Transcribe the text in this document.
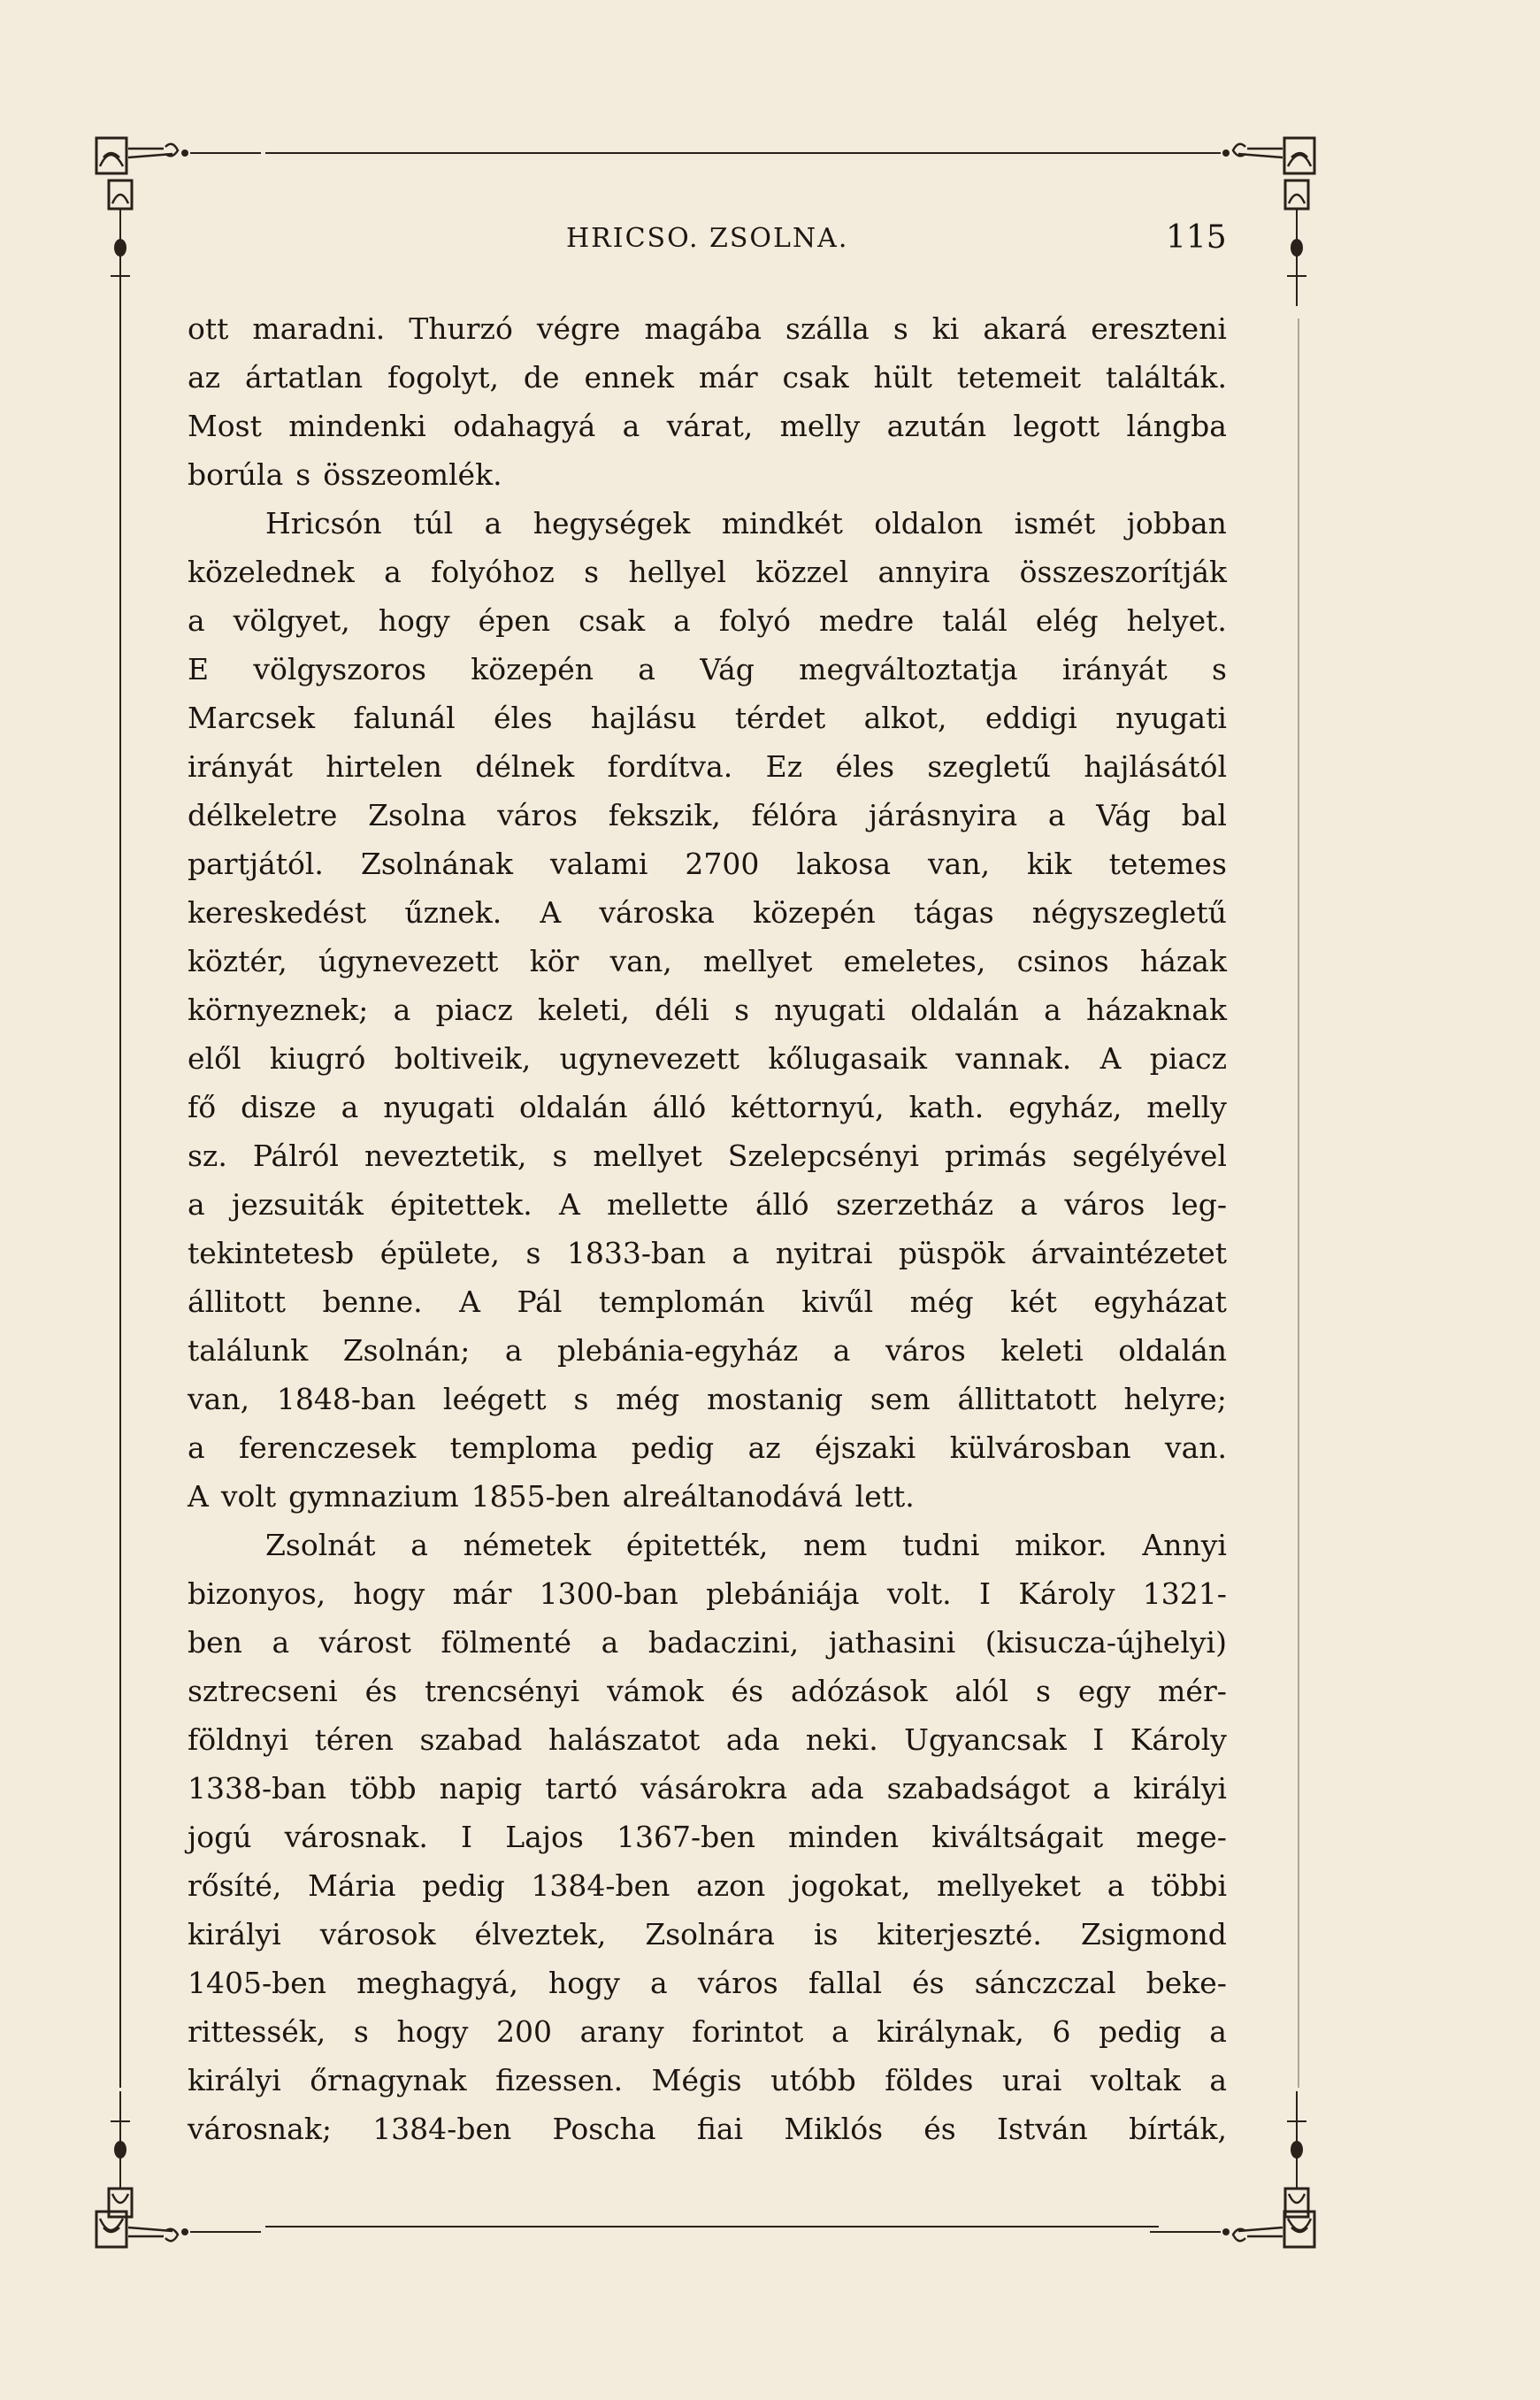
HRICSO. ZSOLNA.	115
ott maradni. Thurzó végre magába szálla s ki akará ereszteni
az ártatlan fogolyt, de ennek már csak hült tetemeit találták.
Most mindenki odahagyá a várat, melly azután legott lángba
borúla s összeomlék.
Hricsón túl a hegységek mindkét oldalon ismét jobban
közelednek a folyóhoz s hellyel közzel annyira összeszorítják
a völgyet, hogy épen csak a folyó medre talál elég helyet.
E völgyszoros közepén a Vág megváltoztatja irányát s
Marcsek falunál éles hajlásu térdet alkot, eddigi nyugati
irányát hirtelen délnek fordítva. Ez éles szegletű hajlásától
délkeletre Zsolna város fekszik, félóra járásnyira a Vág bal
partjától. Zsolnának valami 2700 lakosa van, kik tetemes
kereskedést űznek. A városka közepén tágas négyszegletű
köztér, úgynevezett kör van, mellyet emeletes, csinos házak
környeznek; a piacz keleti, déli s nyugati oldalán a házaknak
elől kiugró boltiveik, ugynevezett kőlugasaik vannak. A piacz
fő disze a nyugati oldalán álló kéttornyú, kath. egyház, melly
sz. Pálról neveztetik, s mellyet Szelepcsényi primás segélyével
a jezsuiták épitettek. A mellette álló szerzetház a város leg-
tekintetesb épülete, s 1833-ban a nyitrai püspök árvaintézetet
állitott benne. A Pál templomán kivűl még két egyházat
találunk Zsolnán; a plebánia-egyház a város keleti oldalán
van, 1848-ban leégett s még mostanig sem állittatott helyre;
a ferenczesek temploma pedig az éjszaki külvárosban van.
A volt gymnazium 1855-ben alreáltanodává lett.
Zsolnát a németek épitették, nem tudni mikor. Annyi
bizonyos, hogy már 1300-ban plebániája volt. I Károly 1321-
ben a várost fölmenté a badaczini, jathasini (kisucza-újhelyi)
sztrecseni és trencsényi vámok és adózások alól s egy mér-
földnyi téren szabad halászatot ada neki. Ugyancsak I Károly
1338-ban több napig tartó vásárokra ada szabadságot a királyi
jogú városnak. I Lajos 1367-ben minden kiváltságait mege-
rősíté, Mária pedig 1384-ben azon jogokat, mellyeket a többi
királyi városok élveztek, Zsolnára is kiterjeszté. Zsigmond
1405-ben meghagyá, hogy a város fallal és sánczczal beke-
rittessék, s hogy 200 arany forintot a királynak, 6 pedig a
királyi őrnagynak fizessen. Mégis utóbb földes urai voltak a
városnak; 1384-ben Poscha fiai Miklós és István bírták,
